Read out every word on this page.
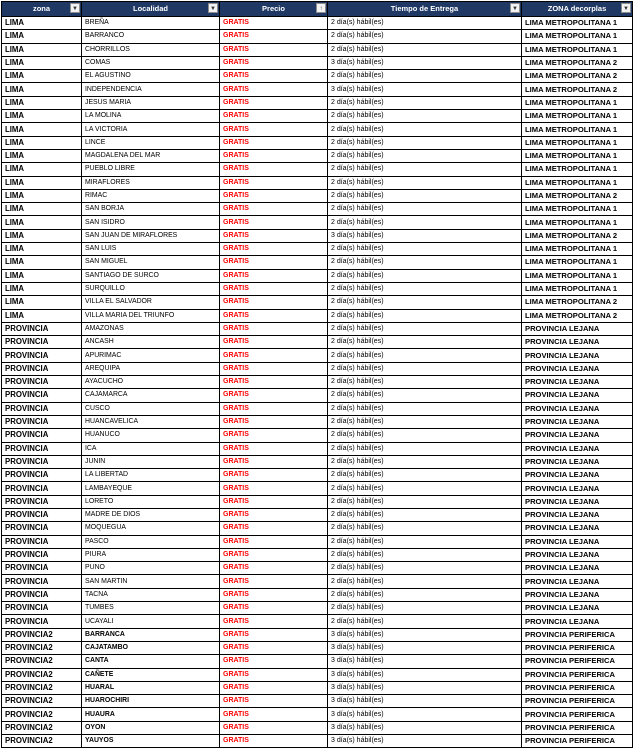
zona ▼	Localidad ▼	Precio ↑	Tiempo de Entrega ▼	ZONA decorplas ▼

LIMA	BREÑA	GRATIS	2 día(s) hábil(es)	LIMA METROPOLITANA 1
LIMA	BARRANCO	GRATIS	2 día(s) hábil(es)	LIMA METROPOLITANA 1
LIMA	CHORRILLOS	GRATIS	2 día(s) hábil(es)	LIMA METROPOLITANA 1
LIMA	COMAS	GRATIS	3 día(s) hábil(es)	LIMA METROPOLITANA 2
LIMA	EL AGUSTINO	GRATIS	2 día(s) hábil(es)	LIMA METROPOLITANA 2
LIMA	INDEPENDENCIA	GRATIS	3 día(s) hábil(es)	LIMA METROPOLITANA 2
LIMA	JESUS MARIA	GRATIS	2 día(s) hábil(es)	LIMA METROPOLITANA 1
LIMA	LA MOLINA	GRATIS	2 día(s) hábil(es)	LIMA METROPOLITANA 1
LIMA	LA VICTORIA	GRATIS	2 día(s) hábil(es)	LIMA METROPOLITANA 1
LIMA	LINCE	GRATIS	2 día(s) hábil(es)	LIMA METROPOLITANA 1
LIMA	MAGDALENA DEL MAR	GRATIS	2 día(s) hábil(es)	LIMA METROPOLITANA 1
LIMA	PUEBLO LIBRE	GRATIS	2 día(s) hábil(es)	LIMA METROPOLITANA 1
LIMA	MIRAFLORES	GRATIS	2 día(s) hábil(es)	LIMA METROPOLITANA 1
LIMA	RIMAC	GRATIS	2 día(s) hábil(es)	LIMA METROPOLITANA 2
LIMA	SAN BORJA	GRATIS	2 día(s) hábil(es)	LIMA METROPOLITANA 1
LIMA	SAN ISIDRO	GRATIS	2 día(s) hábil(es)	LIMA METROPOLITANA 1
LIMA	SAN JUAN DE MIRAFLORES	GRATIS	3 día(s) hábil(es)	LIMA METROPOLITANA 2
LIMA	SAN LUIS	GRATIS	2 día(s) hábil(es)	LIMA METROPOLITANA 1
LIMA	SAN MIGUEL	GRATIS	2 día(s) hábil(es)	LIMA METROPOLITANA 1
LIMA	SANTIAGO DE SURCO	GRATIS	2 día(s) hábil(es)	LIMA METROPOLITANA 1
LIMA	SURQUILLO	GRATIS	2 día(s) hábil(es)	LIMA METROPOLITANA 1
LIMA	VILLA EL SALVADOR	GRATIS	2 día(s) hábil(es)	LIMA METROPOLITANA 2
LIMA	VILLA MARIA DEL TRIUNFO	GRATIS	2 día(s) hábil(es)	LIMA METROPOLITANA 2
PROVINCIA	AMAZONAS	GRATIS	2 día(s) hábil(es)	PROVINCIA LEJANA
PROVINCIA	ANCASH	GRATIS	2 día(s) hábil(es)	PROVINCIA LEJANA
PROVINCIA	APURIMAC	GRATIS	2 día(s) hábil(es)	PROVINCIA LEJANA
PROVINCIA	AREQUIPA	GRATIS	2 día(s) hábil(es)	PROVINCIA LEJANA
PROVINCIA	AYACUCHO	GRATIS	2 día(s) hábil(es)	PROVINCIA LEJANA
PROVINCIA	CAJAMARCA	GRATIS	2 día(s) hábil(es)	PROVINCIA LEJANA
PROVINCIA	CUSCO	GRATIS	2 día(s) hábil(es)	PROVINCIA LEJANA
PROVINCIA	HUANCAVELICA	GRATIS	2 día(s) hábil(es)	PROVINCIA LEJANA
PROVINCIA	HUANUCO	GRATIS	2 día(s) hábil(es)	PROVINCIA LEJANA
PROVINCIA	ICA	GRATIS	2 día(s) hábil(es)	PROVINCIA LEJANA
PROVINCIA	JUNIN	GRATIS	2 día(s) hábil(es)	PROVINCIA LEJANA
PROVINCIA	LA LIBERTAD	GRATIS	2 día(s) hábil(es)	PROVINCIA LEJANA
PROVINCIA	LAMBAYEQUE	GRATIS	2 día(s) hábil(es)	PROVINCIA LEJANA
PROVINCIA	LORETO	GRATIS	2 día(s) hábil(es)	PROVINCIA LEJANA
PROVINCIA	MADRE DE DIOS	GRATIS	2 día(s) hábil(es)	PROVINCIA LEJANA
PROVINCIA	MOQUEGUA	GRATIS	2 día(s) hábil(es)	PROVINCIA LEJANA
PROVINCIA	PASCO	GRATIS	2 día(s) hábil(es)	PROVINCIA LEJANA
PROVINCIA	PIURA	GRATIS	2 día(s) hábil(es)	PROVINCIA LEJANA
PROVINCIA	PUNO	GRATIS	2 día(s) hábil(es)	PROVINCIA LEJANA
PROVINCIA	SAN MARTIN	GRATIS	2 día(s) hábil(es)	PROVINCIA LEJANA
PROVINCIA	TACNA	GRATIS	2 día(s) hábil(es)	PROVINCIA LEJANA
PROVINCIA	TUMBES	GRATIS	2 día(s) hábil(es)	PROVINCIA LEJANA
PROVINCIA	UCAYALI	GRATIS	2 día(s) hábil(es)	PROVINCIA LEJANA
PROVINCIA2	BARRANCA	GRATIS	3 día(s) hábil(es)	PROVINCIA PERIFERICA
PROVINCIA2	CAJATAMBO	GRATIS	3 día(s) hábil(es)	PROVINCIA PERIFERICA
PROVINCIA2	CANTA	GRATIS	3 día(s) hábil(es)	PROVINCIA PERIFERICA
PROVINCIA2	CAÑETE	GRATIS	3 día(s) hábil(es)	PROVINCIA PERIFERICA
PROVINCIA2	HUARAL	GRATIS	3 día(s) hábil(es)	PROVINCIA PERIFERICA
PROVINCIA2	HUAROCHIRI	GRATIS	3 día(s) hábil(es)	PROVINCIA PERIFERICA
PROVINCIA2	HUAURA	GRATIS	3 día(s) hábil(es)	PROVINCIA PERIFERICA
PROVINCIA2	OYON	GRATIS	3 día(s) hábil(es)	PROVINCIA PERIFERICA
PROVINCIA2	YAUYOS	GRATIS	3 día(s) hábil(es)	PROVINCIA PERIFERICA
